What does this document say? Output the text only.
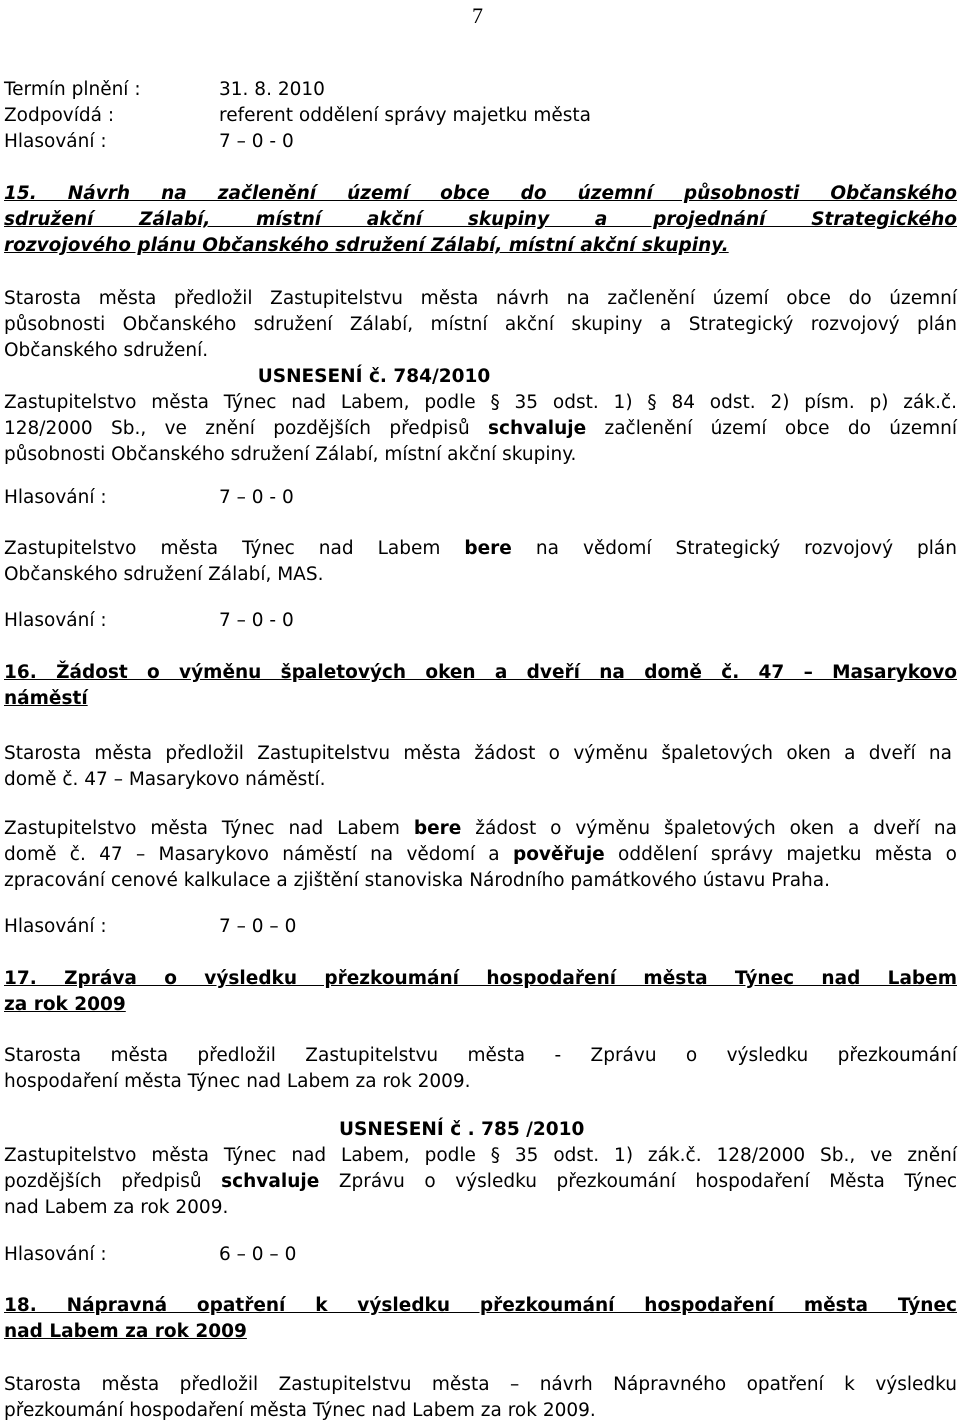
7
Termín plnění :	31. 8. 2010
Zodpovídá :	referent oddělení správy majetku města
Hlasování :	7 – 0 - 0
15. Návrh na začlenění území obce do územní působnosti Občanského
sdružení Zálabí, místní akční skupiny a projednání Strategického
rozvojového plánu Občanského sdružení Zálabí, místní akční skupiny.
Starosta města předložil Zastupitelstvu města návrh na začlenění území obce do územní
působnosti Občanského sdružení Zálabí, místní akční skupiny a Strategický rozvojový plán
Občanského sdružení.
USNESENÍ č. 784/2010
Zastupitelstvo města Týnec nad Labem, podle § 35 odst. 1) § 84 odst. 2) písm. p) zák.č.
128/2000 Sb., ve znění pozdějších předpisů schvaluje začlenění území obce do územní
působnosti Občanského sdružení Zálabí, místní akční skupiny.
Hlasování :	7 – 0 - 0
Zastupitelstvo města Týnec nad Labem bere na vědomí Strategický rozvojový plán
Občanského sdružení Zálabí, MAS.
Hlasování :	7 – 0 - 0
16. Žádost o výměnu špaletových oken a dveří na domě č. 47 – Masarykovo
náměstí
Starosta města předložil Zastupitelstvu města žádost o výměnu špaletových oken a dveří na
domě č. 47 – Masarykovo náměstí.
Zastupitelstvo města Týnec nad Labem bere žádost o výměnu špaletových oken a dveří na
domě č. 47 – Masarykovo náměstí na vědomí a pověřuje oddělení správy majetku města o
zpracování cenové kalkulace a zjištění stanoviska Národního památkového ústavu Praha.
Hlasování :	7 – 0 – 0
17. Zpráva o výsledku přezkoumání hospodaření města Týnec nad Labem
za rok 2009
Starosta města předložil Zastupitelstvu města - Zprávu o výsledku přezkoumání
hospodaření města Týnec nad Labem za rok 2009.
USNESENÍ č . 785 /2010
Zastupitelstvo města Týnec nad Labem, podle § 35 odst. 1) zák.č. 128/2000 Sb., ve znění
pozdějších předpisů schvaluje Zprávu o výsledku přezkoumání hospodaření Města Týnec
nad Labem za rok 2009.
Hlasování :	6 – 0 – 0
18. Nápravná opatření k výsledku přezkoumání hospodaření města Týnec
nad Labem za rok 2009
Starosta města předložil Zastupitelstvu města – návrh Nápravného opatření k výsledku
přezkoumání hospodaření města Týnec nad Labem za rok 2009.
